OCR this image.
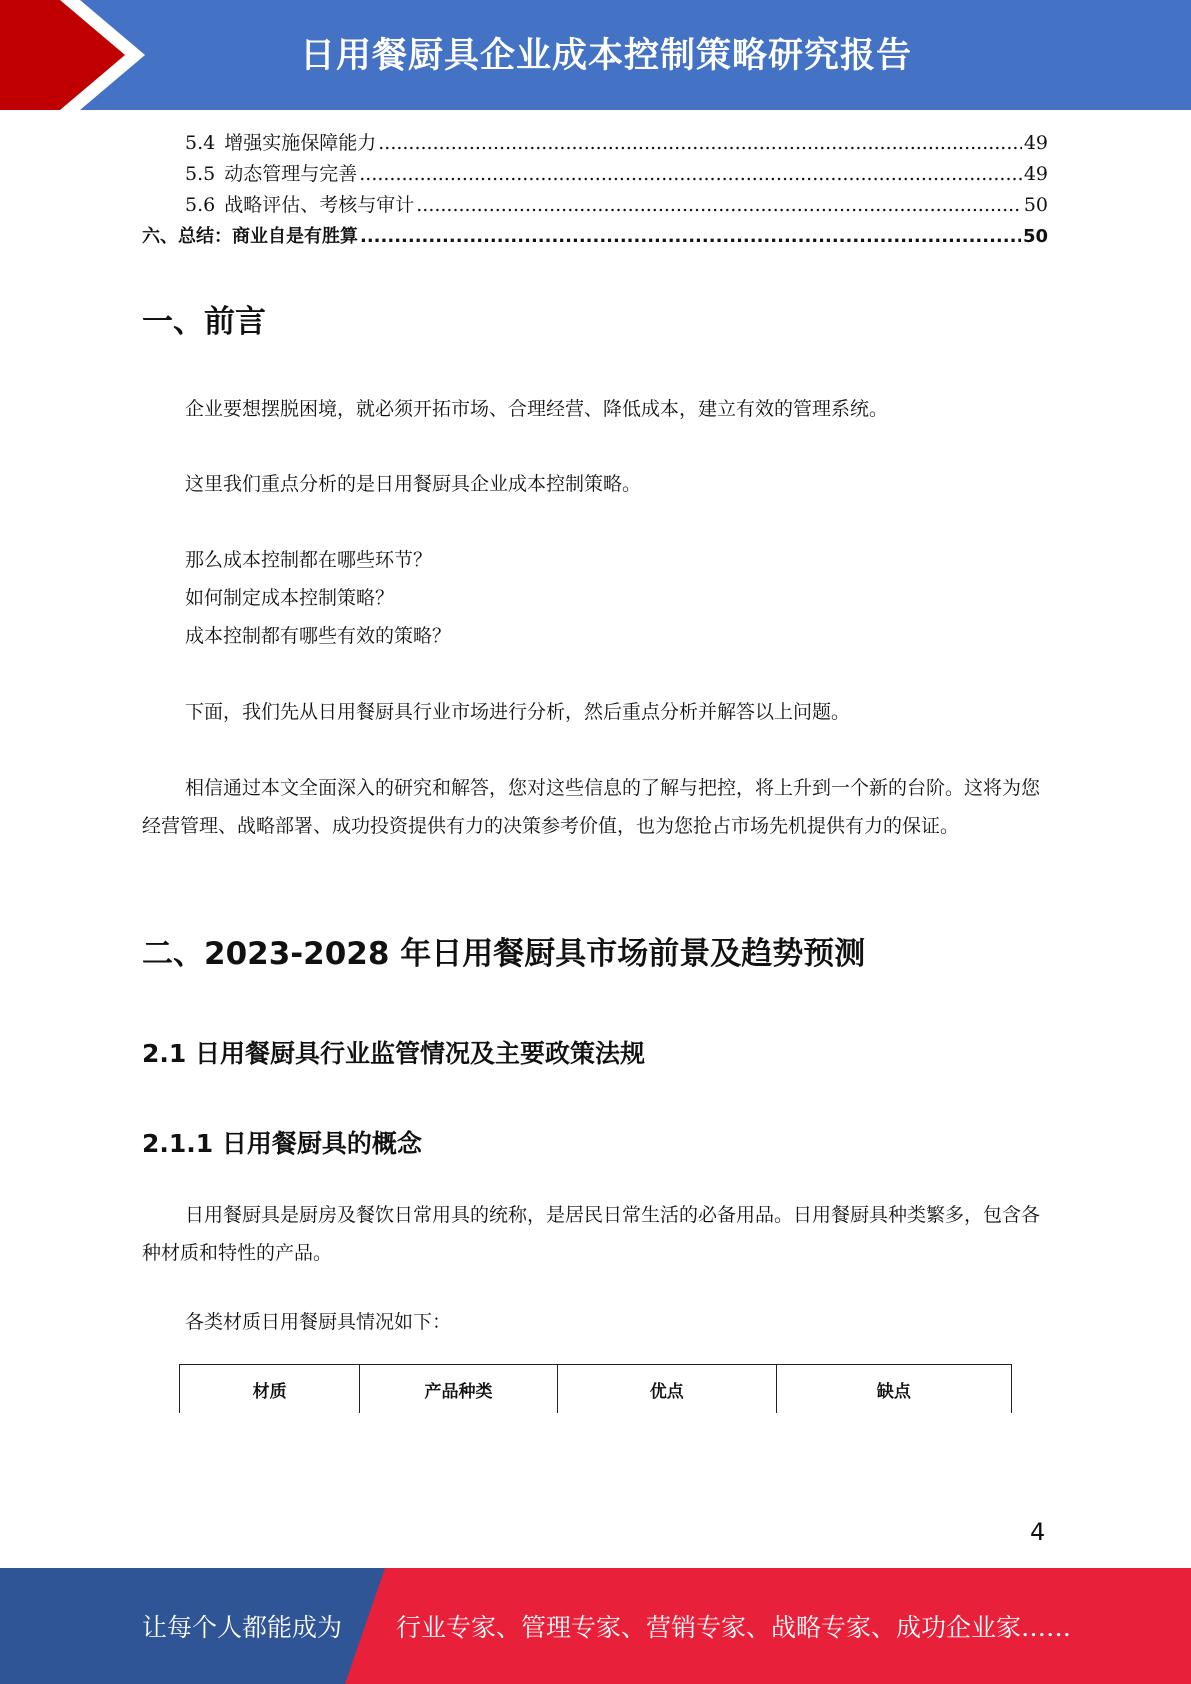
日用餐厨具企业成本控制策略研究报告
5.4 增强实施保障能力 .....	49
5.5 动态管理与完善 .....	49
5.6 战略评估、考核与审计 .....	50
六、总结：商业自是有胜算 .....	50
一、前言
企业要想摆脱困境，就必须开拓市场、合理经营、降低成本，建立有效的管理系统。
这里我们重点分析的是日用餐厨具企业成本控制策略。
那么成本控制都在哪些环节？
如何制定成本控制策略？
成本控制都有哪些有效的策略？
下面，我们先从日用餐厨具行业市场进行分析，然后重点分析并解答以上问题。
相信通过本文全面深入的研究和解答，您对这些信息的了解与把控，将上升到一个新的台阶。这将为您经营管理、战略部署、成功投资提供有力的决策参考价值，也为您抢占市场先机提供有力的保证。
二、2023-2028 年日用餐厨具市场前景及趋势预测
2.1 日用餐厨具行业监管情况及主要政策法规
2.1.1 日用餐厨具的概念
日用餐厨具是厨房及餐饮日常用具的统称，是居民日常生活的必备用品。日用餐厨具种类繁多，包含各种材质和特性的产品。
各类材质日用餐厨具情况如下：
材质	产品种类	优点	缺点
4
让每个人都能成为 行业专家、管理专家、营销专家、战略专家、成功企业家……
